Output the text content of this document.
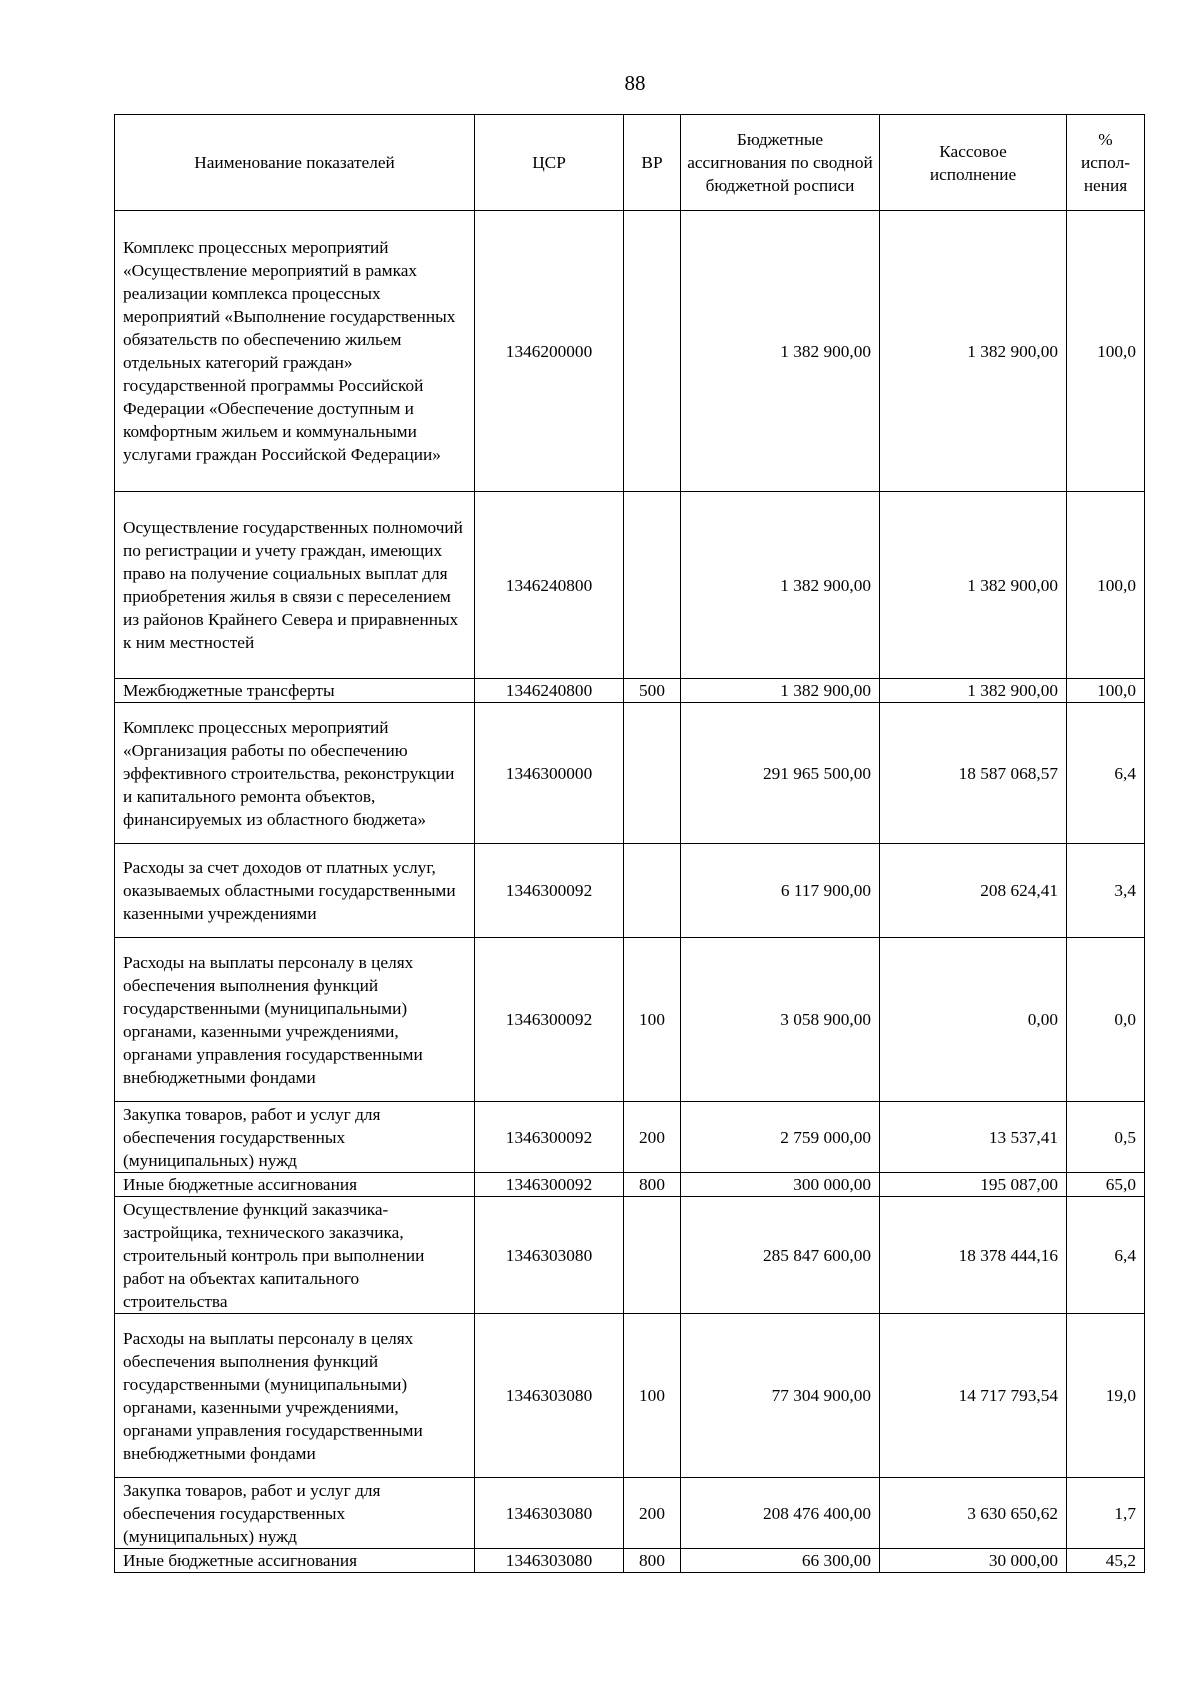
88
Наименование показателей	ЦСР	ВР	Бюджетные ассигнования по сводной бюджетной росписи	Кассовое исполнение	% испол-нения
Комплекс процессных мероприятий «Осуществление мероприятий в рамках реализации комплекса процессных мероприятий «Выполнение государственных обязательств по обеспечению жильем отдельных категорий граждан» государственной программы Российской Федерации «Обеспечение доступным и комфортным жильем и коммунальными услугами граждан Российской Федерации»	1346200000		1 382 900,00	1 382 900,00	100,0
Осуществление государственных полномочий по регистрации и учету граждан, имеющих право на получение социальных выплат для приобретения жилья в связи с переселением из районов Крайнего Севера и приравненных к ним местностей	1346240800		1 382 900,00	1 382 900,00	100,0
Межбюджетные трансферты	1346240800	500	1 382 900,00	1 382 900,00	100,0
Комплекс процессных мероприятий «Организация работы по обеспечению эффективного строительства, реконструкции и капитального ремонта объектов, финансируемых из областного бюджета»	1346300000		291 965 500,00	18 587 068,57	6,4
Расходы за счет доходов от платных услуг, оказываемых областными государственными казенными учреждениями	1346300092		6 117 900,00	208 624,41	3,4
Расходы на выплаты персоналу в целях обеспечения выполнения функций государственными (муниципальными) органами, казенными учреждениями, органами управления государственными внебюджетными фондами	1346300092	100	3 058 900,00	0,00	0,0
Закупка товаров, работ и услуг для обеспечения государственных (муниципальных) нужд	1346300092	200	2 759 000,00	13 537,41	0,5
Иные бюджетные ассигнования	1346300092	800	300 000,00	195 087,00	65,0
Осуществление функций заказчика-застройщика, технического заказчика, строительный контроль при выполнении работ на объектах капитального строительства	1346303080		285 847 600,00	18 378 444,16	6,4
Расходы на выплаты персоналу в целях обеспечения выполнения функций государственными (муниципальными) органами, казенными учреждениями, органами управления государственными внебюджетными фондами	1346303080	100	77 304 900,00	14 717 793,54	19,0
Закупка товаров, работ и услуг для обеспечения государственных (муниципальных) нужд	1346303080	200	208 476 400,00	3 630 650,62	1,7
Иные бюджетные ассигнования	1346303080	800	66 300,00	30 000,00	45,2
